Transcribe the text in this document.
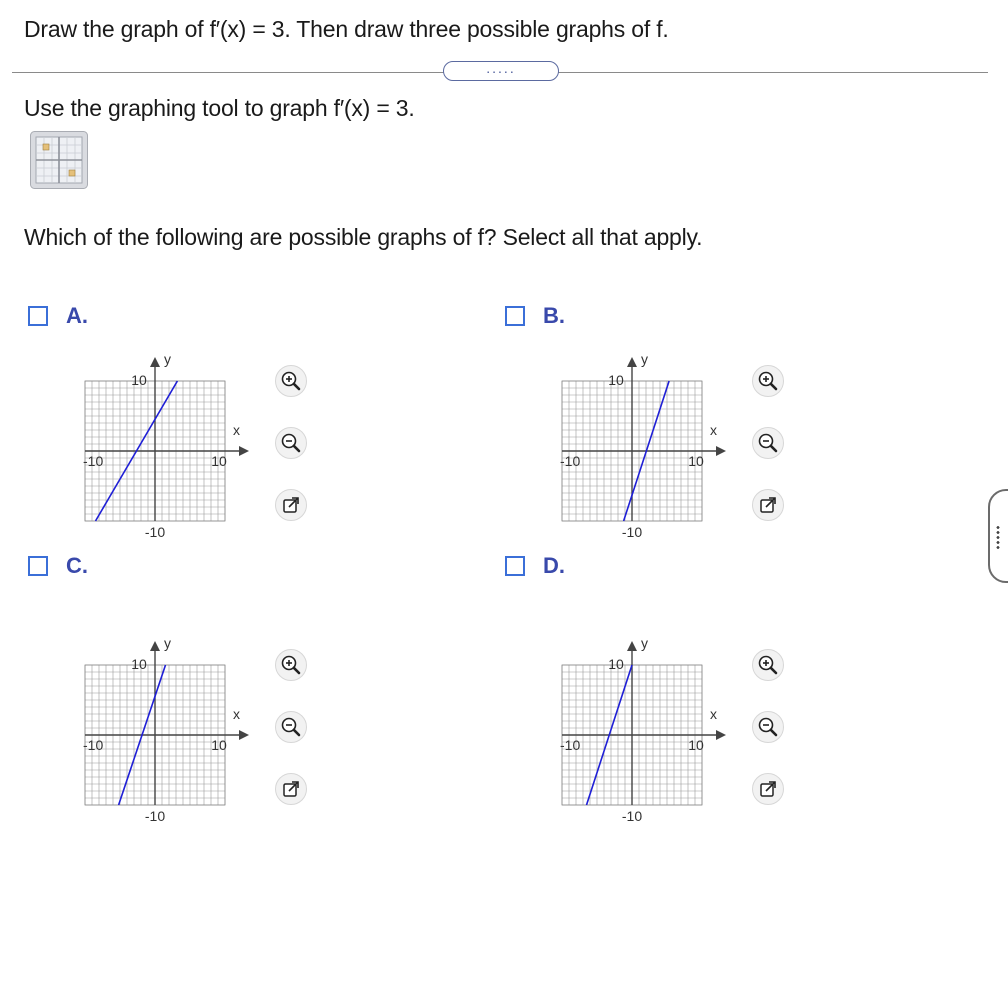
Draw the graph of f′(x) = 3. Then draw three possible graphs of f.
.....
Use the graphing tool to graph f′(x) = 3.
Which of the following are possible graphs of f? Select all that apply.
A.
y
x
10
-10
-10	10
B.
y
x
10
-10
-10	10
C.
y
x
10
-10
-10	10
D.
y
x
10
-10
-10	10
